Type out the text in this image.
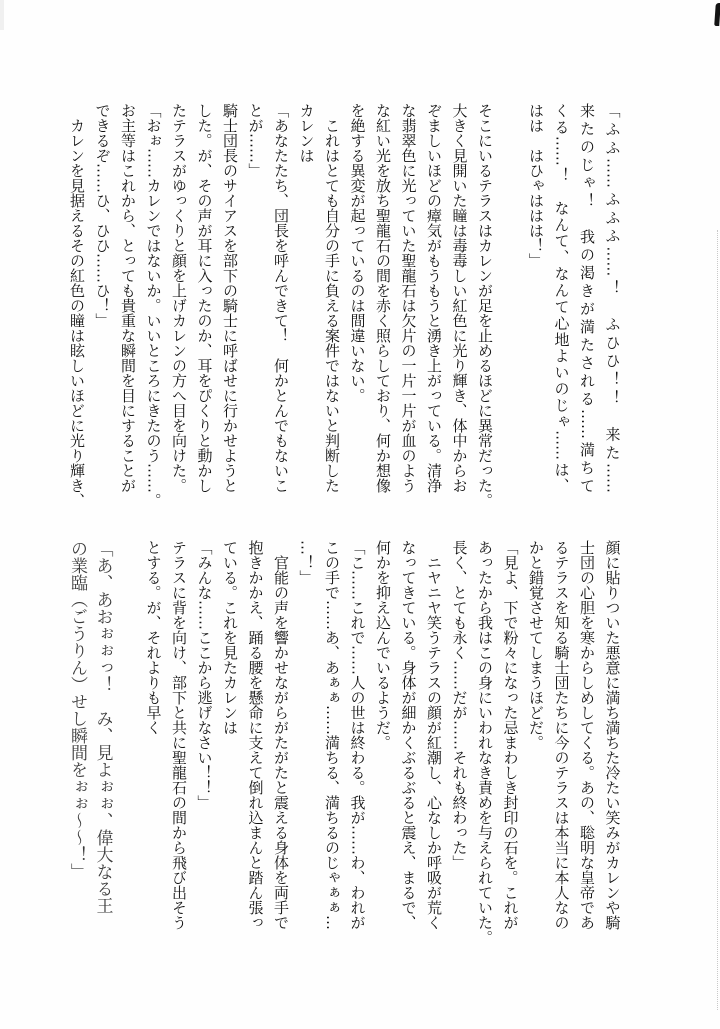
「ふふ……ふふふ……！　ふひひ！！　来た……
来たのじゃ！　我の渇きが満たされる……満ちて
くる……！　なんて、なんて心地よいのじゃ……は、
はは　はひゃははは！」
そこにいるテラスはカレンが足を止めるほどに異常だった。
大きく見開いた瞳は毒毒しい紅色に光り輝き、体中からお
ぞましいほどの瘴気がもうもうと湧き上がっている。清浄
な翡翠色に光っていた聖龍石は欠片の一片一片が血のよう
な紅い光を放ち聖龍石の間を赤く照らしており、何か想像
を絶する異変が起っているのは間違いない。
　これはとても自分の手に負える案件ではないと判断した
カレンは
「あなたたち、団長を呼んできて！　何かとんでもないこ
とが……」
騎士団長のサイアスを部下の騎士に呼ばせに行かせようと
した。が、その声が耳に入ったのか、耳をぴくりと動かし
たテラスがゆっくりと顔を上げカレンの方へ目を向けた。
「おぉ……カレンではないか。いいところにきたのう……。
お主等はこれから、とっても貴重な瞬間を目にすることが
できるぞ……ひ、ひひ……ひ！」
　カレンを見据えるその紅色の瞳は眩しいほどに光り輝き、
顔に貼りついた悪意に満ち満ちた冷たい笑みがカレンや騎
士団の心胆を寒からしめしてくる。あの、聡明な皇帝であ
るテラスを知る騎士団たちに今のテラスは本当に本人なの
かと錯覚させてしまうほどだ。
「見よ、下で粉々になった忌まわしき封印の石を。これが
あったから我はこの身にいわれなき責めを与えられていた。
長く、とても永く……だが……それも終わった」
　ニヤニヤ笑うテラスの顔が紅潮し、心なしか呼吸が荒く
なってきている。身体が細かくぶるぶると震え、まるで、
何かを抑え込んでいるようだ。
「こ……これで……人の世は終わる。我が……わ、われが
この手で……あ、あぁぁ……満ちる、満ちるのじゃぁぁ…
…！」
　官能の声を響かせながらがたがたと震える身体を両手で
抱きかかえ、踊る腰を懸命に支えて倒れ込まんと踏ん張っ
ている。これを見たカレンは
「みんな……ここから逃げなさい！！」
テラスに背を向け、部下と共に聖龍石の間から飛び出そう
とする。が、それよりも早く
「あ、あおぉぉっ！　み、見よぉぉ、偉大なる王
の業臨（ごうりん）せし瞬間をぉぉ〜〜！」
